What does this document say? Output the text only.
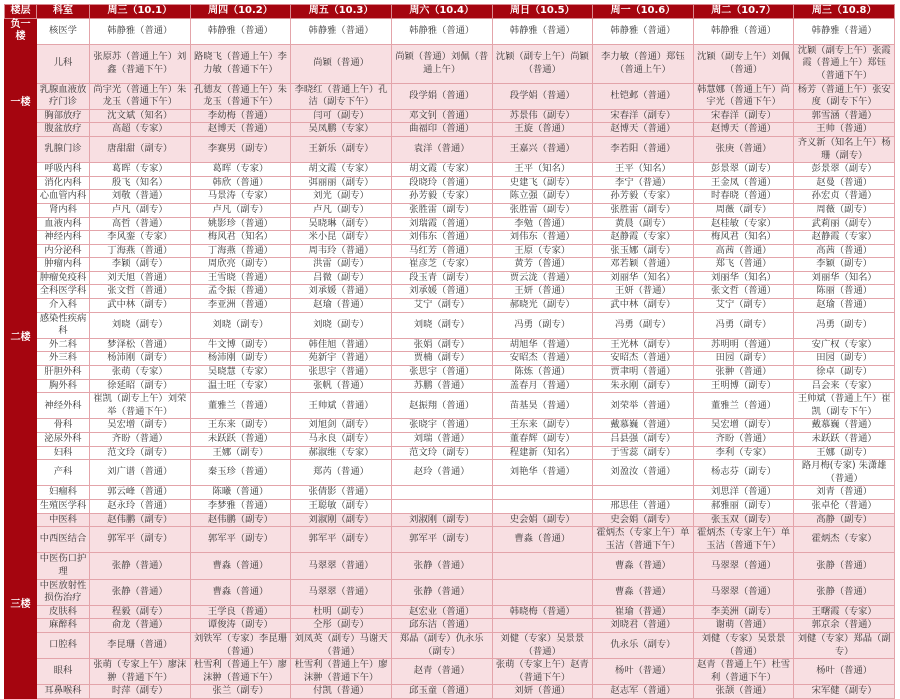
楼层	科室	周三（10.1）	周四（10.2）	周五（10.3）	周六（10.4）	周日（10.5）	周一（10.6）	周二（10.7）	周三（10.8）
负一楼	核医学	韩静雅（普通）	韩静雅（普通）	韩静雅（普通）	韩静雅（普通）	韩静雅（普通）	韩静雅（普通）	韩静雅（普通）	韩静雅（普通）
一楼	儿科	张原苏（普通上午）刘鑫（普通下午）	路晓飞（普通上午）李力敏（普通下午）	尚颖（普通）	尚颖（普通）刘佩（普通上午）	沈颖（副专上午）尚颖（普通）	李力敏（普通）郑钰（普通上午）	沈颖（副专上午）刘佩（普通）	沈颖（副专上午）张霞霞（普通上午）郑钰（普通下午）
	乳腺血液放疗门诊	尚宇光（普通上午）朱龙玉（普通下午）	孔德友（普通上午）朱龙玉（普通下午）	李晓红（普通上午）孔洁（副专下午）	段学娟（普通）	段学娟（普通）	杜铠邺（普通）	韩慧娜（普通上午）尚宇光（普通下午）	杨芳（普通上午）张安度（副专下午）
	胸部放疗	沈文斌（知名）	李幼梅（普通）	闫可（副专）	邓文钊（普通）	苏景伟（副专）	宋春洋（副专）	宋春洋（副专）	郭雪涵（普通）
	腹盆放疗	高超（专家）	赵博天（普通）	吴凤鹏（专家）	曲福印（普通）	王旋（普通）	赵博天（普通）	赵博天（普通）	王帅（普通）
	乳腺门诊	唐甜甜（副专）	李赛男（副专）	王新乐（副专）	袁洋（普通）	王嘉兴（普通）	李若阳（普通）	张庚（普通）	齐义新（知名上午）杨珊（副专）
二楼	呼吸内科	葛晖（专家）	葛晖（专家）	胡文霞（专家）	胡文霞（专家）	王平（知名）	王平（知名）	彭景翠（副专）	彭景翠（副专）
	消化内科	殷飞（知名）	韩欣（普通）	弭丽丽（副专）	段晓玲（普通）	史建飞（副专）	李宁（普通）	王金凤（普通）	赵曼（普通）
	心血管内科	刘敬（普通）	马景涛（专家）	刘光（副专）	孙芳毅（专家）	陈立强（副专）	孙芳毅（专家）	时春晓（普通）	孙宏贞（普通）
	肾内科	卢凡（副专）	卢凡（副专）	卢凡（副专）	张胜雷（副专）	张胜雷（副专）	张胜雷（副专）	周薇（副专）	周薇（副专）
	血液内科	高哲（普通）	姚影珍（普通）	吴晓琳（副专）	刘瑞霞（普通）	李勉（普通）	黄晨（副专）	赵桂敏（专家）	武莉丽（副专）
	神经内科	李风銮（专家）	梅风君（知名）	米小昆（副专）	刘伟东（普通）	刘伟东（普通）	赵静霞（专家）	梅风君（知名）	赵静霞（专家）
	内分泌科	丁海燕（普通）	丁海燕（普通）	周韦玲（普通）	马红芳（普通）	王原（专家）	张玉娜（副专）	高茜（普通）	高茜（普通）
	肿瘤内科	李颖（副专）	周欣亮（副专）	洪雷（副专）	崔彦芝（专家）	黄芳（普通）	邓若颖（普通）	郑飞（普通）	李颖（副专）
	肿瘤免疫科	刘天旭（普通）	王雪晓（普通）	吕微（副专）	段玉青（副专）	贾云泷（普通）	刘丽华（知名）	刘丽华（知名）	刘丽华（知名）
	全科医学科	张文哲（普通）	孟令振（普通）	刘承媛（普通）	刘承媛（普通）	王妍（普通）	王妍（普通）	张文哲（普通）	陈丽（普通）
	介入科	武中林（副专）	李亚洲（普通）	赵瑜（普通）	艾宁（副专）	郝晓光（副专）	武中林（副专）	艾宁（副专）	赵瑜（普通）
	感染性疾病科	刘晓（副专）	刘晓（副专）	刘晓（副专）	刘晓（副专）	冯勇（副专）	冯勇（副专）	冯勇（副专）	冯勇（副专）
	外二科	梦泽松（普通）	牛文博（副专）	韩佳旭（普通）	张娟（副专）	胡旭华（普通）	王光林（副专）	苏明明（普通）	安广权（专家）
	外三科	杨沛刚（副专）	杨沛刚（副专）	苑新宇（普通）	贾楠（副专）	安昭杰（普通）	安昭杰（普通）	田园（副专）	田园（副专）
	肝胆外科	张萌（专家）	吴晓慧（专家）	张思宇（普通）	张思宇（普通）	陈炼（普通）	贾聿明（普通）	张翀（普通）	徐卓（副专）
	胸外科	徐延昭（副专）	温士旺（专家）	张帆（普通）	苏鹏（普通）	盖春月（普通）	朱永刚（副专）	王明博（副专）	吕会来（专家）
	神经外科	崔凯（副专上午）刘荣举（普通下午）	董雅兰（普通）	王帅斌（普通）	赵振翔（普通）	苗基昊（普通）	刘荣举（普通）	董雅兰（普通）	王帅斌（普通上午）崔凯（副专下午）
	骨科	吴宏增（副专）	王东来（副专）	刘旭剑（副专）	张晓宇（普通）	王东来（副专）	戴慕巍（普通）	吴宏增（副专）	戴慕巍（普通）
	泌尿外科	齐盼（普通）	未跃跃（普通）	马永良（副专）	刘瑞（普通）	董春辉（副专）	吕县强（副专）	齐盼（普通）	未跃跃（普通）
	妇科	范文玲（副专）	王娜（副专）	郝淑维（专家）	范文玲（副专）	程建新（知名）	于雪蕊（副专）	李利（专家）	王娜（副专）
	产科	刘广谱（普通）	秦玉珍（普通）	郑芮（普通）	赵玲（普通）	刘艳华（普通）	刘盈汝（普通）	杨志芬（副专）	路月梅(专家) 朱潇雄（普通）
	妇瘤科	郭云峰（普通）	陈曦（普通）	张倩影（普通）				刘思洋（普通）	刘青（普通）
	生殖医学科	赵永玲（普通）	李梦雅（普通）	王聪敏（副专）			邢思佳（普通）	郝雅丽（副专）	张卓伦（普通）
三楼	中医科	赵伟鹏（副专）	赵伟鹏（副专）	刘淑刚（副专）	刘淑刚（副专）	史会娟（副专）	史会娟（副专）	张玉双（副专）	高静（副专）
	中西医结合	郭军平（副专）	郭军平（副专）	郭军平（副专）	郭军平（副专）	曹淼（普通）	霍炳杰（专家上午）单玉洁（普通下午）	霍炳杰（专家上午）单玉洁（普通下午）	霍炳杰（专家）
	中医伤口护理	张静（普通）	曹淼（普通）	马翠翠（普通）	张静（普通）		曹淼（普通）	马翠翠（普通）	张静（普通）
	中医放射性损伤治疗	张静（普通）	曹淼（普通）	马翠翠（普通）	张静（普通）		曹淼（普通）	马翠翠（普通）	张静（普通）
	皮肤科	程毅（副专）	王学良（普通）	杜明（副专）	赵宏业（普通）	韩晓梅（普通）	崔瑜（普通）	李美洲（副专）	王曙霞（专家）
	麻醉科	俞龙（普通）	谭俊涛（副专）	仝彤（副专）	邱东洁（普通）		刘晓君（普通）	谢萌（普通）	郭京余（普通）
	口腔科	李昆珊（普通）	刘铁军（专家）李昆珊（普通）	刘凤英（副专）马谢天（普通）	郑晶（副专）仇永乐（副专）	刘健（专家）吴景景（普通）	仇永乐（副专）	刘健（专家）吴景景（普通）	刘健（专家）郑晶（副专）
	眼科	张萌（专家上午）廖沫翀（普通下午）	杜雪利（普通上午）廖沫翀（普通下午）	杜雪利（普通上午）廖沫翀（普通下午）	赵青（普通）	张萌（专家上午）赵青（普通下午）	杨叶（普通）	赵青（普通上午）杜雪利（普通下午）	杨叶（普通）
	耳鼻喉科	时萍（副专）	张兰（副专）	付凯（普通）	邱玉童（普通）	刘妍（普通）	赵志军（普通）	张颉（普通）	宋军健（副专）
